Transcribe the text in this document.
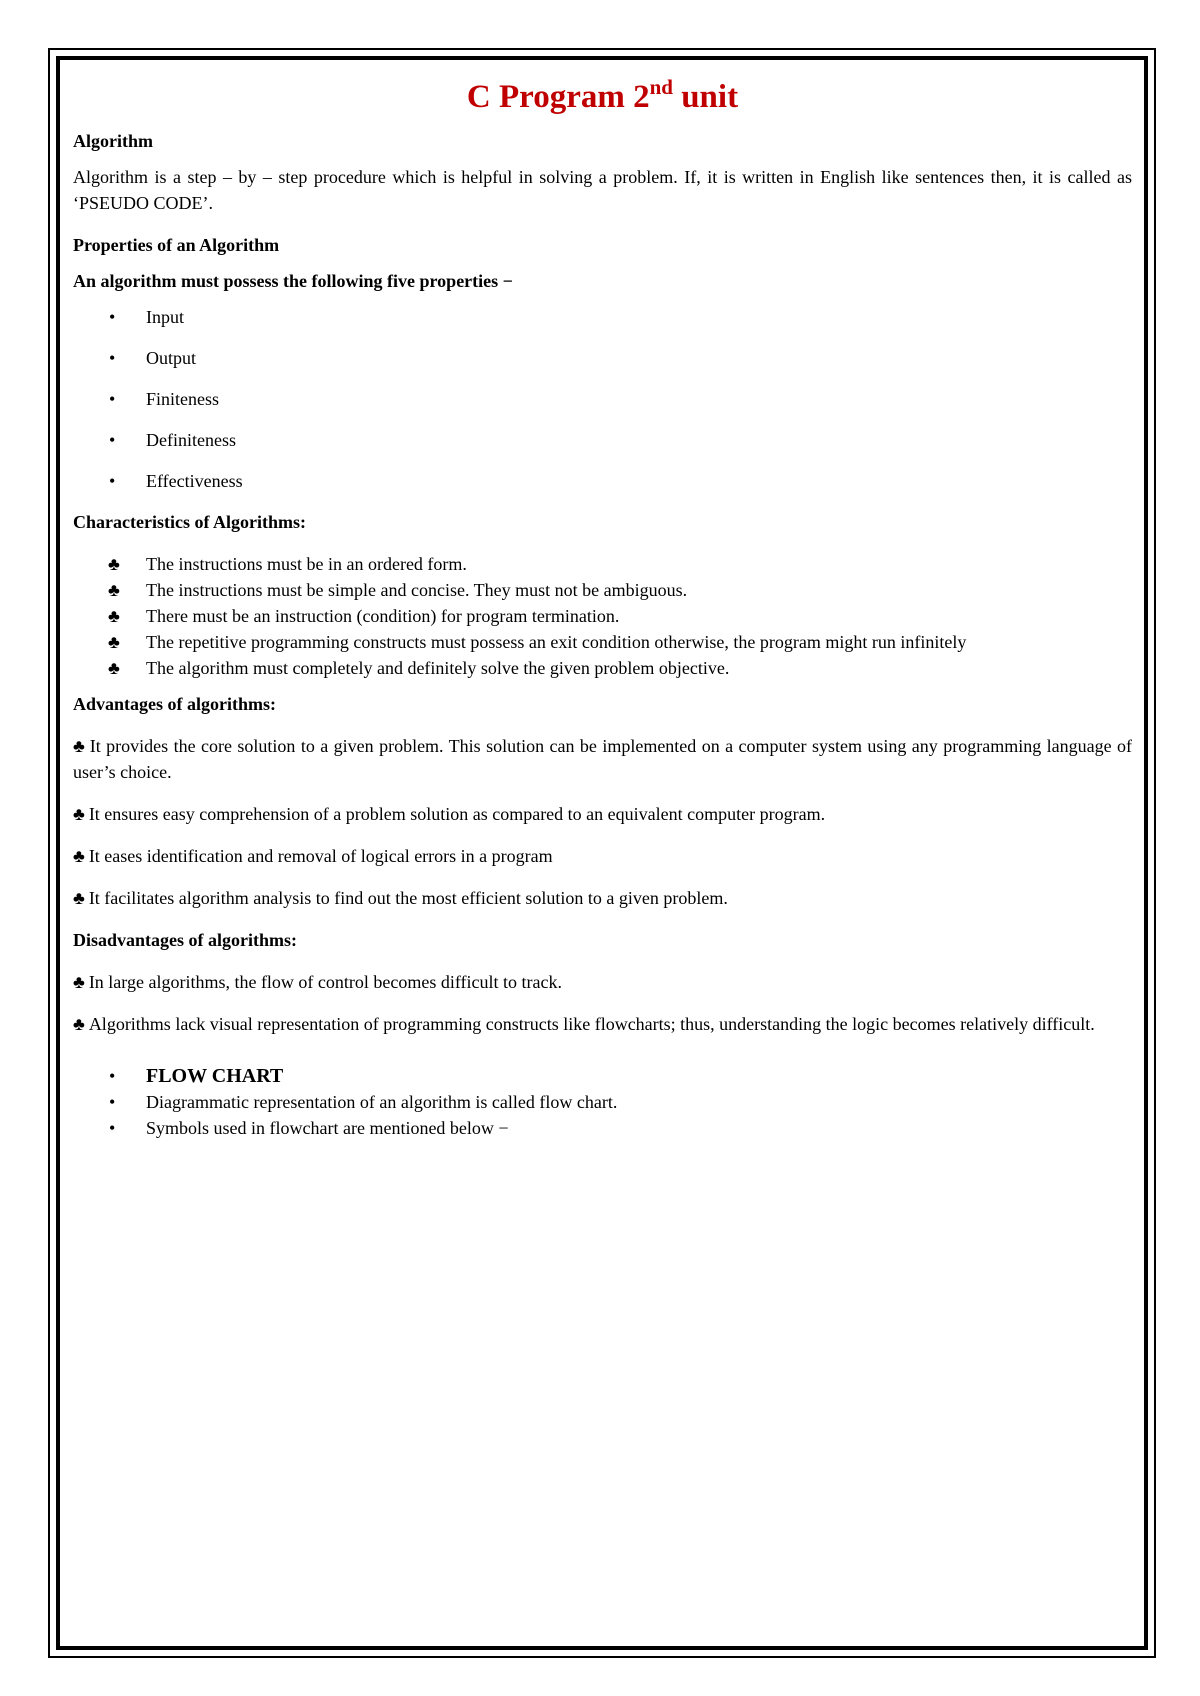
C Program 2nd unit
Algorithm

Algorithm is a step – by – step procedure which is helpful in solving a problem. If, it is written in English like sentences then, it is called as ‘PSEUDO CODE’.

Properties of an Algorithm
An algorithm must possess the following five properties −
• Input
• Output
• Finiteness
• Definiteness
• Effectiveness
Characteristics of Algorithms:
♣ The instructions must be in an ordered form.
♣ The instructions must be simple and concise. They must not be ambiguous.
♣ There must be an instruction (condition) for program termination.
♣ The repetitive programming constructs must possess an exit condition otherwise, the program might run infinitely
♣ The algorithm must completely and definitely solve the given problem objective.
Advantages of algorithms:

♣ It provides the core solution to a given problem. This solution can be implemented on a computer system using any programming language of user’s choice.

♣ It ensures easy comprehension of a problem solution as compared to an equivalent computer program.

♣ It eases identification and removal of logical errors in a program

♣ It facilitates algorithm analysis to find out the most efficient solution to a given problem.

Disadvantages of algorithms:

♣ In large algorithms, the flow of control becomes difficult to track.

♣ Algorithms lack visual representation of programming constructs like flowcharts; thus, understanding the logic becomes relatively difficult.

• FLOW CHART
• Diagrammatic representation of an algorithm is called flow chart.
• Symbols used in flowchart are mentioned below −
